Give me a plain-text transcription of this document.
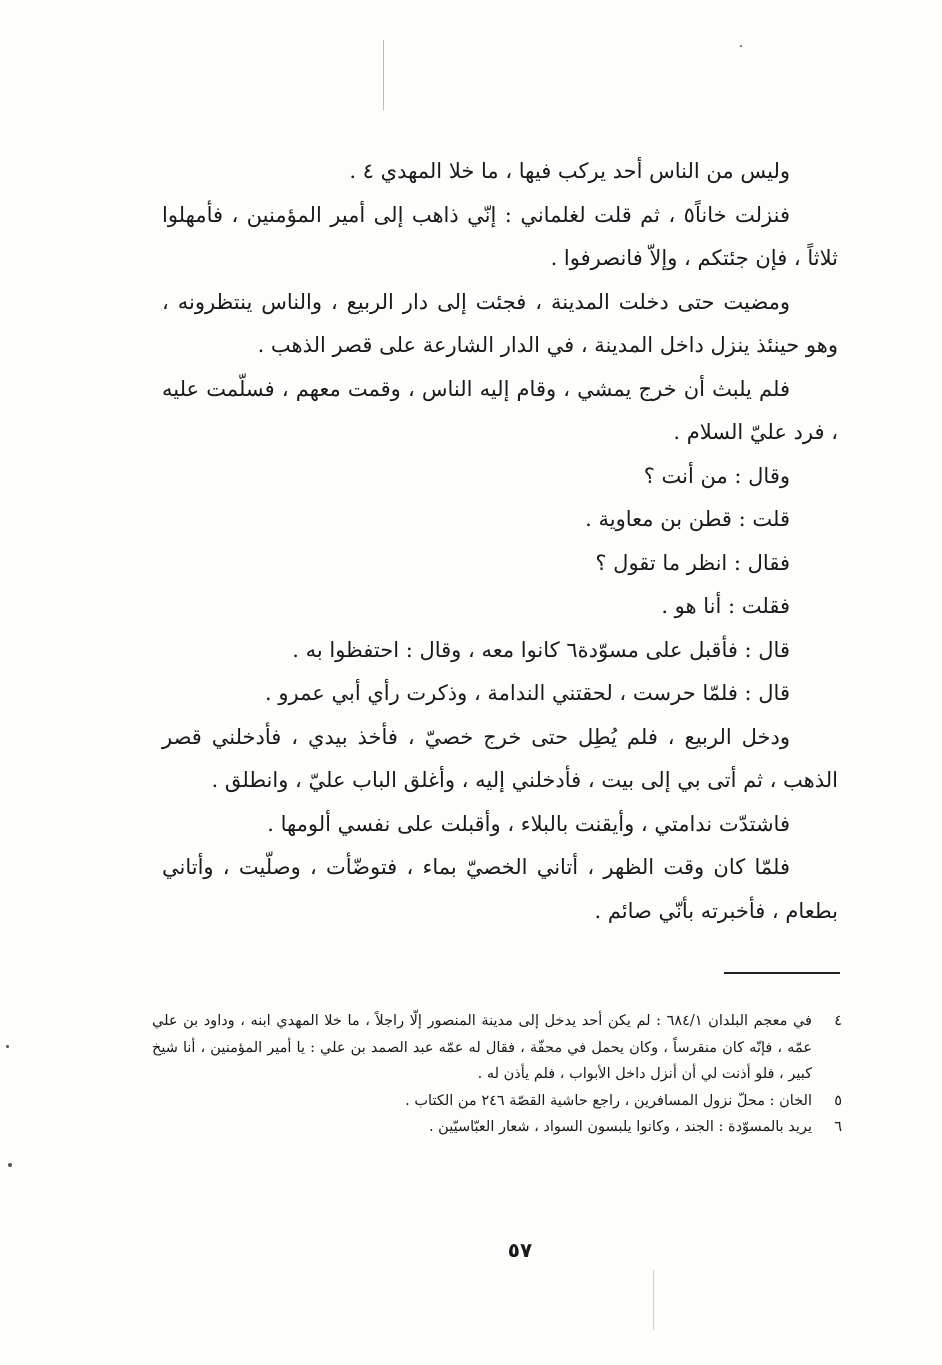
وليس من الناس أحد يركب فيها ، ما خلا المهدي ٤ .

فنزلت خاناً٥ ، ثم قلت لغلماني : إنّي ذاهب إلى أمير المؤمنين ، فأمهلوا ثلاثاً ، فإن جئتكم ، وإلاّ فانصرفوا .

ومضيت حتى دخلت المدينة ، فجئت إلى دار الربيع ، والناس ينتظرونه ، وهو حينئذ ينزل داخل المدينة ، في الدار الشارعة على قصر الذهب .

فلم يلبث أن خرج يمشي ، وقام إليه الناس ، وقمت معهم ، فسلّمت عليه ، فرد عليّ السلام .

وقال : من أنت ؟

قلت : قطن بن معاوية .

فقال : انظر ما تقول ؟

فقلت : أنا هو .

قال : فأقبل على مسوّدة٦ كانوا معه ، وقال : احتفظوا به .

قال : فلمّا حرست ، لحقتني الندامة ، وذكرت رأي أبي عمرو .

ودخل الربيع ، فلم يُطِل حتى خرج خصيّ ، فأخذ بيدي ، فأدخلني قصر الذهب ، ثم أتى بي إلى بيت ، فأدخلني إليه ، وأغلق الباب عليّ ، وانطلق .

فاشتدّت ندامتي ، وأيقنت بالبلاء ، وأقبلت على نفسي ألومها .

فلمّا كان وقت الظهر ، أتاني الخصيّ بماء ، فتوضّأت ، وصلّيت ، وأتاني بطعام ، فأخبرته بأنّي صائم .

٤
في معجم البلدان ٦٨٤/١ : لم يكن أحد يدخل إلى مدينة المنصور إلّا راجلاً ، ما خلا المهدي ابنه ، وداود بن علي عمّه ، فإنّه كان منقرساً ، وكان يحمل في محفّة ، فقال له عمّه عبد الصمد بن علي : يا أمير المؤمنين ، أنا شيخ كبير ، فلو أذنت لي أن أنزل داخل الأبواب ، فلم يأذن له .
٥
الخان : محلّ نزول المسافرين ، راجع حاشية القصّة ٢٤٦ من الكتاب .
٦
يريد بالمسوّدة : الجند ، وكانوا يلبسون السواد ، شعار العبّاسيّين .
٥٧
